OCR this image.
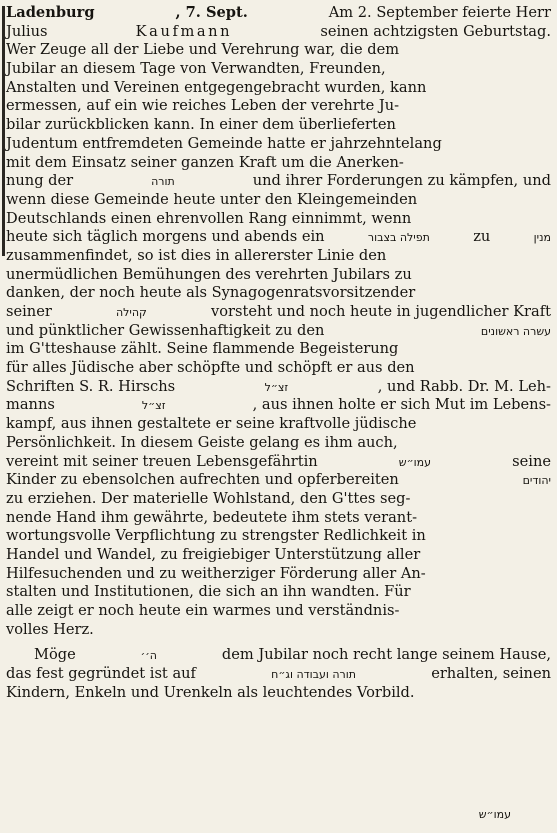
Ladenburg	, 7. Sept.	Am 2. September feierte Herr
Julius	Kaufmann	seinen achtzigsten Geburtstag.
Wer Zeuge all der Liebe und Verehrung war, die dem
Jubilar an diesem Tage von Verwandten, Freunden,
Anstalten und Vereinen entgegengebracht wurden, kann
ermessen, auf ein wie reiches Leben der verehrte Ju-
bilar zurückblicken kann. In einer dem überlieferten
Judentum entfremdeten Gemeinde hatte er jahrzehntelang
mit dem Einsatz seiner ganzen Kraft um die Anerken-
nung der	תורה	und ihrer Forderungen zu kämpfen, und
wenn diese Gemeinde heute unter den Kleingemeinden
Deutschlands einen ehrenvollen Rang einnimmt, wenn
heute sich täglich morgens und abends ein	תפילה בצבור	zu	מנין
zusammenfindet, so ist dies in allererster Linie den
unermüdlichen Bemühungen des verehrten Jubilars zu
danken, der noch heute als Synagogenratsvorsitzender
seiner	קהילה	vorsteht und noch heute in jugendlicher Kraft
und pünktlicher Gewissenhaftigkeit zu den	עשרה ראשונים
im G'tteshause zählt. Seine flammende Begeisterung
für alles Jüdische aber schöpfte und schöpft er aus den
Schriften S. R. Hirschs	זצ״ל	, und Rabb. Dr. M. Leh-
manns	זצ״ל	, aus ihnen holte er sich Mut im Lebens-
kampf, aus ihnen gestaltete er seine kraftvolle jüdische
Persönlichkeit. In diesem Geiste gelang es ihm auch,
vereint mit seiner treuen Lebensgefährtin	עמו״ש	seine
Kinder zu ebensolchen aufrechten und opferbereiten	יהודים
zu erziehen. Der materielle Wohlstand, den G'ttes seg-
nende Hand ihm gewährte, bedeutete ihm stets verant-
wortungsvolle Verpflichtung zu strengster Redlichkeit in
Handel und Wandel, zu freigiebiger Unterstützung aller
Hilfesuchenden und zu weitherziger Förderung aller An-
stalten und Institutionen, die sich an ihn wandten. Für
alle zeigt er noch heute ein warmes und verständnis-
volles Herz.
Möge	ה׳׳	dem Jubilar noch recht lange seinem Hause,
das fest gegründet ist auf	תורה ועבודה וג״ח	erhalten, seinen
Kindern, Enkeln und Urenkeln als leuchtendes Vorbild.
עמו״ש
